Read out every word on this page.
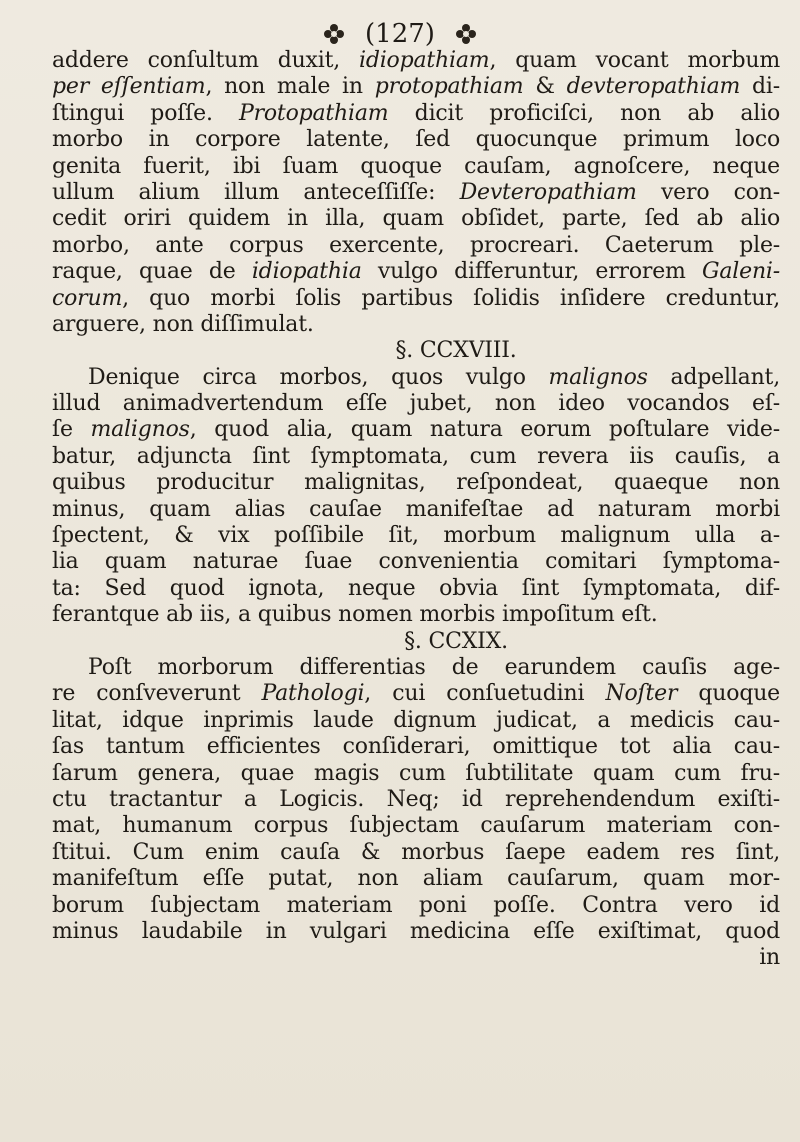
(127)
addere conſultum duxit, idiopathiam, quam vocant morbum
per eſſentiam, non male in protopathiam & devteropathiam di-
ſtingui poſſe. Protopathiam dicit proficiſci, non ab alio
morbo in corpore latente, ſed quocunque primum loco
genita fuerit, ibi ſuam quoque cauſam, agnoſcere, neque
ullum alium illum anteceſſiſſe: Devteropathiam vero con-
cedit oriri quidem in illa, quam obſidet, parte, ſed ab alio
morbo, ante corpus exercente, procreari. Caeterum ple-
raque, quae de idiopathia vulgo differuntur, errorem Galeni-
corum, quo morbi ſolis partibus ſolidis inſidere creduntur,
arguere, non diſſimulat.
§. CCXVIII.
Denique circa morbos, quos vulgo malignos adpellant,
illud animadvertendum eſſe jubet, non ideo vocandos eſ-
ſe malignos, quod alia, quam natura eorum poſtulare vide-
batur, adjuncta ſint ſymptomata, cum revera iis cauſis, a
quibus producitur malignitas, reſpondeat, quaeque non
minus, quam alias cauſae manifeſtae ad naturam morbi
ſpectent, & vix poſſibile ſit, morbum malignum ulla a-
lia quam naturae ſuae convenientia comitari ſymptoma-
ta: Sed quod ignota, neque obvia ſint ſymptomata, dif-
ferantque ab iis, a quibus nomen morbis impoſitum eſt.
§. CCXIX.
Poſt morborum differentias de earundem cauſis age-
re conſveverunt Pathologi, cui conſuetudini Noſter quoque
litat, idque inprimis laude dignum judicat, a medicis cau-
ſas tantum efficientes conſiderari, omittique tot alia cau-
ſarum genera, quae magis cum ſubtilitate quam cum fru-
ctu tractantur a Logicis. Neq; id reprehendendum exiſti-
mat, humanum corpus ſubjectam cauſarum materiam con-
ſtitui. Cum enim cauſa & morbus ſaepe eadem res ſint,
manifeſtum eſſe putat, non aliam cauſarum, quam mor-
borum ſubjectam materiam poni poſſe. Contra vero id
minus laudabile in vulgari medicina eſſe exiſtimat, quod
in
